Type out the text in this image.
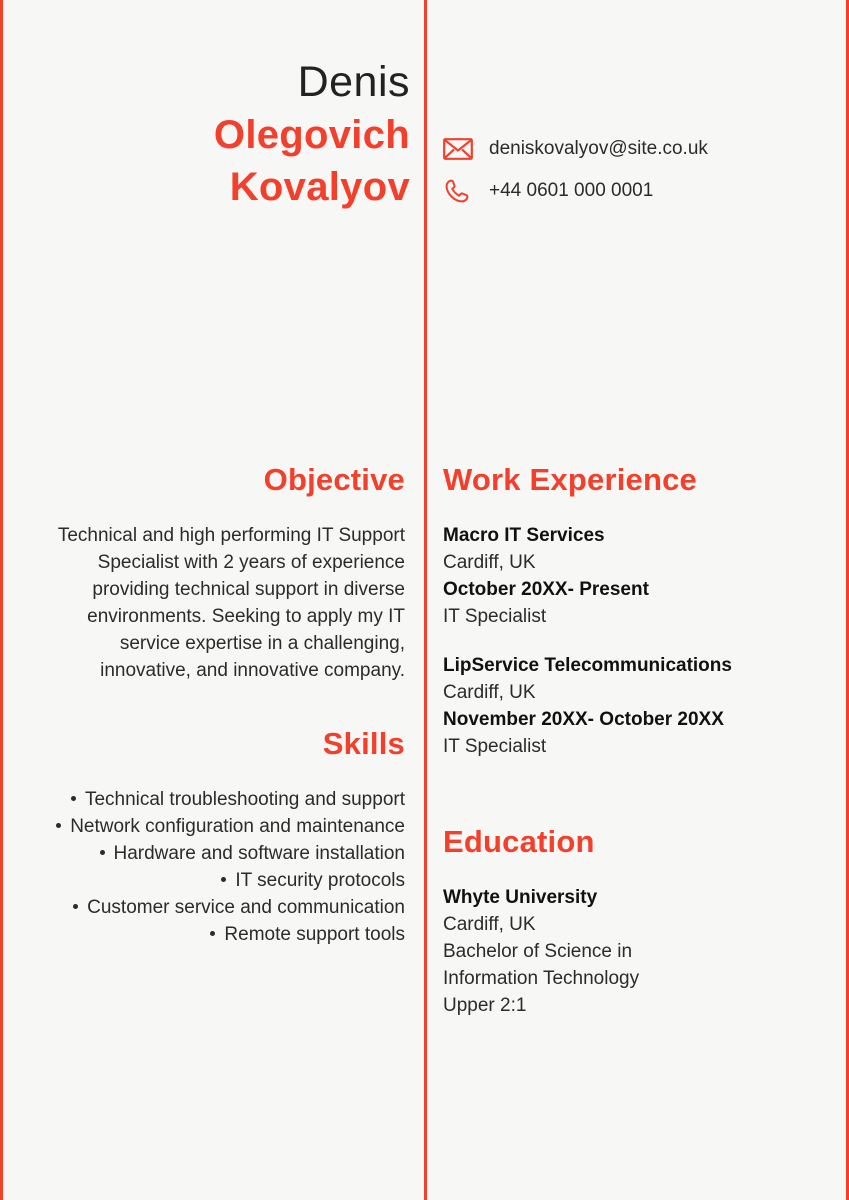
Denis
Olegovich
Kovalyov
deniskovalyov@site.co.uk
+44 0601 000 0001
Objective
Technical and high performing IT Support Specialist with 2 years of experience providing technical support in diverse environments. Seeking to apply my IT service expertise in a challenging, innovative, and innovative company.
Skills
Technical troubleshooting and support
Network configuration and maintenance
Hardware and software installation
IT security protocols
Customer service and communication
Remote support tools
Work Experience
Macro IT Services
Cardiff, UK
October 20XX- Present
IT Specialist
LipService Telecommunications
Cardiff, UK
November 20XX- October 20XX
IT Specialist
Education
Whyte University
Cardiff, UK
Bachelor of Science in
Information Technology
Upper 2:1
